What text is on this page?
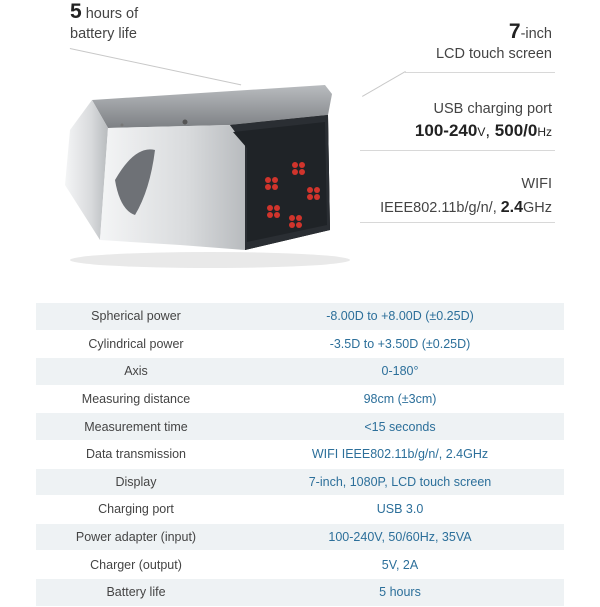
5 hours of
battery life	7-inch
LCD touch screen
USB charging port
100-240V, 500/0Hz
WIFI
IEEE802.11b/g/n/, 2.4GHz
Spherical power	-8.00D to +8.00D (±0.25D)
Cylindrical power	-3.5D to +3.50D (±0.25D)
Axis	0-180°
Measuring distance	98cm (±3cm)
Measurement time	<15 seconds
Data transmission	WIFI IEEE802.11b/g/n/, 2.4GHz
Display	7-inch, 1080P, LCD touch screen
Charging port	USB 3.0
Power adapter (input)	100-240V, 50/60Hz, 35VA
Charger (output)	5V, 2A
Battery life	5 hours
